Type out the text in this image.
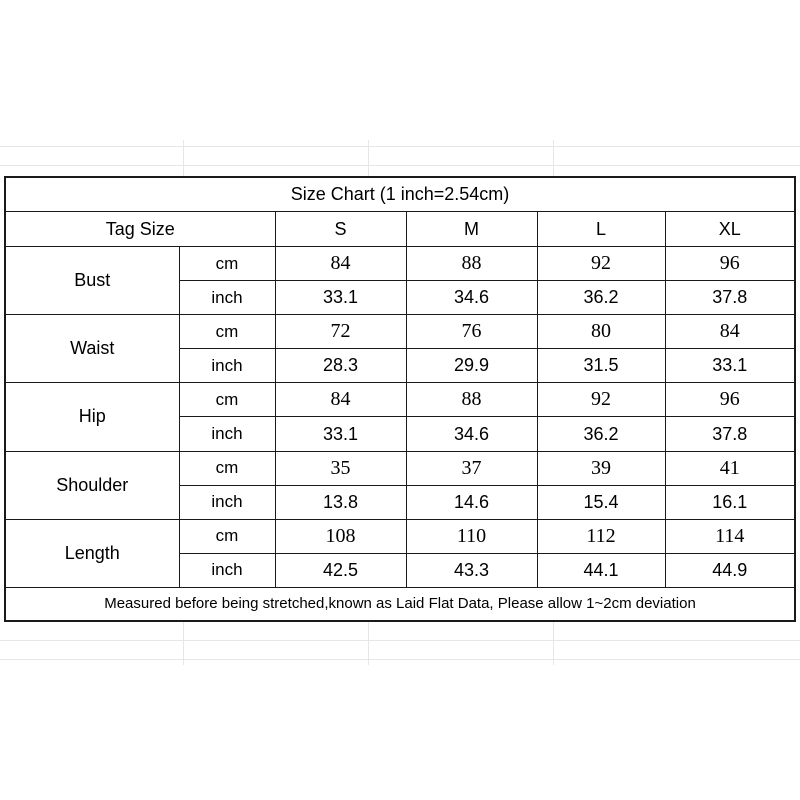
Size Chart (1 inch=2.54cm)					
Tag Size		S	M	L	XL
Bust	cm	84	88	92	96
	inch	33.1	34.6	36.2	37.8
Waist	cm	72	76	80	84
	inch	28.3	29.9	31.5	33.1
Hip	cm	84	88	92	96
	inch	33.1	34.6	36.2	37.8
Shoulder	cm	35	37	39	41
	inch	13.8	14.6	15.4	16.1
Length	cm	108	110	112	114
	inch	42.5	43.3	44.1	44.9
Measured before being stretched,known as Laid Flat Data, Please allow 1~2cm deviation					
